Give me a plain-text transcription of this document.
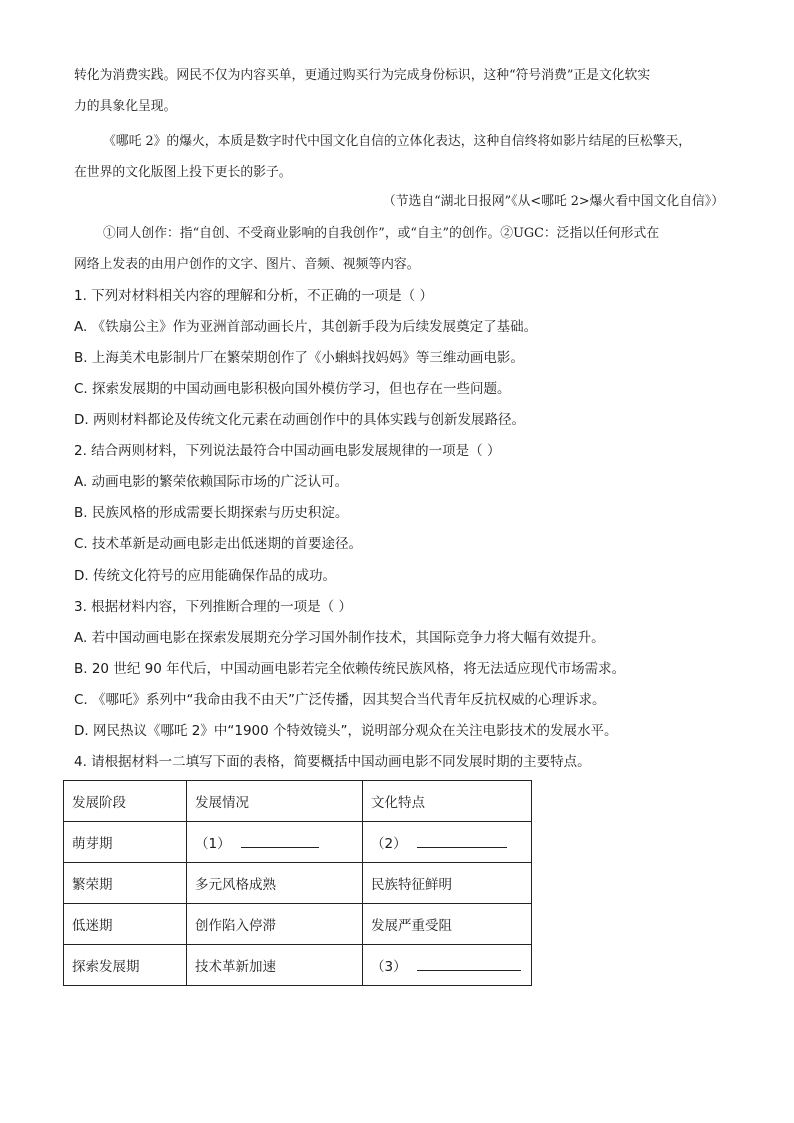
转化为消费实践。网民不仅为内容买单，更通过购买行为完成身份标识，这种“符号消费”正是文化软实
力的具象化呈现。
《哪吒 2》的爆火，本质是数字时代中国文化自信的立体化表达，这种自信终将如影片结尾的巨松擎天，
在世界的文化版图上投下更长的影子。
（节选自“湖北日报网”《从<哪吒 2>爆火看中国文化自信》）
①同人创作：指“自创、不受商业影响的自我创作”，或“自主”的创作。②UGC：泛指以任何形式在
网络上发表的由用户创作的文字、图片、音频、视频等内容。
1. 下列对材料相关内容的理解和分析，不正确的一项是（ ）
A. 《铁扇公主》作为亚洲首部动画长片，其创新手段为后续发展奠定了基础。
B. 上海美术电影制片厂在繁荣期创作了《小蝌蚪找妈妈》等三维动画电影。
C. 探索发展期的中国动画电影积极向国外模仿学习，但也存在一些问题。
D. 两则材料都论及传统文化元素在动画创作中的具体实践与创新发展路径。
2. 结合两则材料，下列说法最符合中国动画电影发展规律的一项是（ ）
A. 动画电影的繁荣依赖国际市场的广泛认可。
B. 民族风格的形成需要长期探索与历史积淀。
C. 技术革新是动画电影走出低迷期的首要途径。
D. 传统文化符号的应用能确保作品的成功。
3. 根据材料内容，下列推断合理的一项是（ ）
A. 若中国动画电影在探索发展期充分学习国外制作技术，其国际竞争力将大幅有效提升。
B. 20 世纪 90 年代后，中国动画电影若完全依赖传统民族风格，将无法适应现代市场需求。
C. 《哪吒》系列中“我命由我不由天”广泛传播，因其契合当代青年反抗权威的心理诉求。
D. 网民热议《哪吒 2》中“1900 个特效镜头”，说明部分观众在关注电影技术的发展水平。
4. 请根据材料一二填写下面的表格，简要概括中国动画电影不同发展时期的主要特点。
发展阶段	发展情况	文化特点
萌芽期	（1）	（2）
繁荣期	多元风格成熟	民族特征鲜明
低迷期	创作陷入停滞	发展严重受阻
探索发展期	技术革新加速	（3）
